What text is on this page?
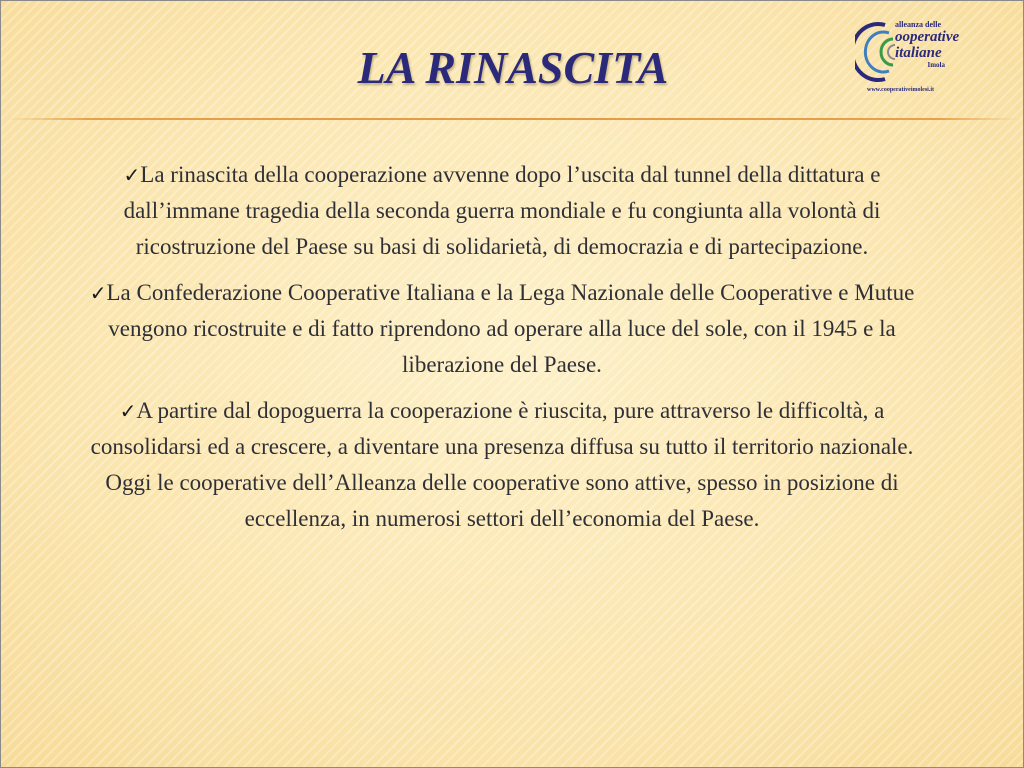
LA RINASCITA
alleanza delle
ooperative
italiane
Imola
www.cooperativeimolesi.it

✓La rinascita della cooperazione avvenne dopo l’uscita dal tunnel della dittatura e dall’immane tragedia della seconda guerra mondiale e fu congiunta alla volontà di ricostruzione del Paese su basi di solidarietà, di democrazia e di partecipazione.

✓La Confederazione Cooperative Italiana e la Lega Nazionale delle Cooperative e Mutue vengono ricostruite e di fatto riprendono ad operare alla luce del sole, con il 1945 e la liberazione del Paese.

✓A partire dal dopoguerra la cooperazione è riuscita, pure attraverso le difficoltà, a consolidarsi ed a crescere, a diventare una presenza diffusa su tutto il territorio nazionale. Oggi le cooperative dell’Alleanza delle cooperative sono attive, spesso in posizione di eccellenza, in numerosi settori dell’economia del Paese.
